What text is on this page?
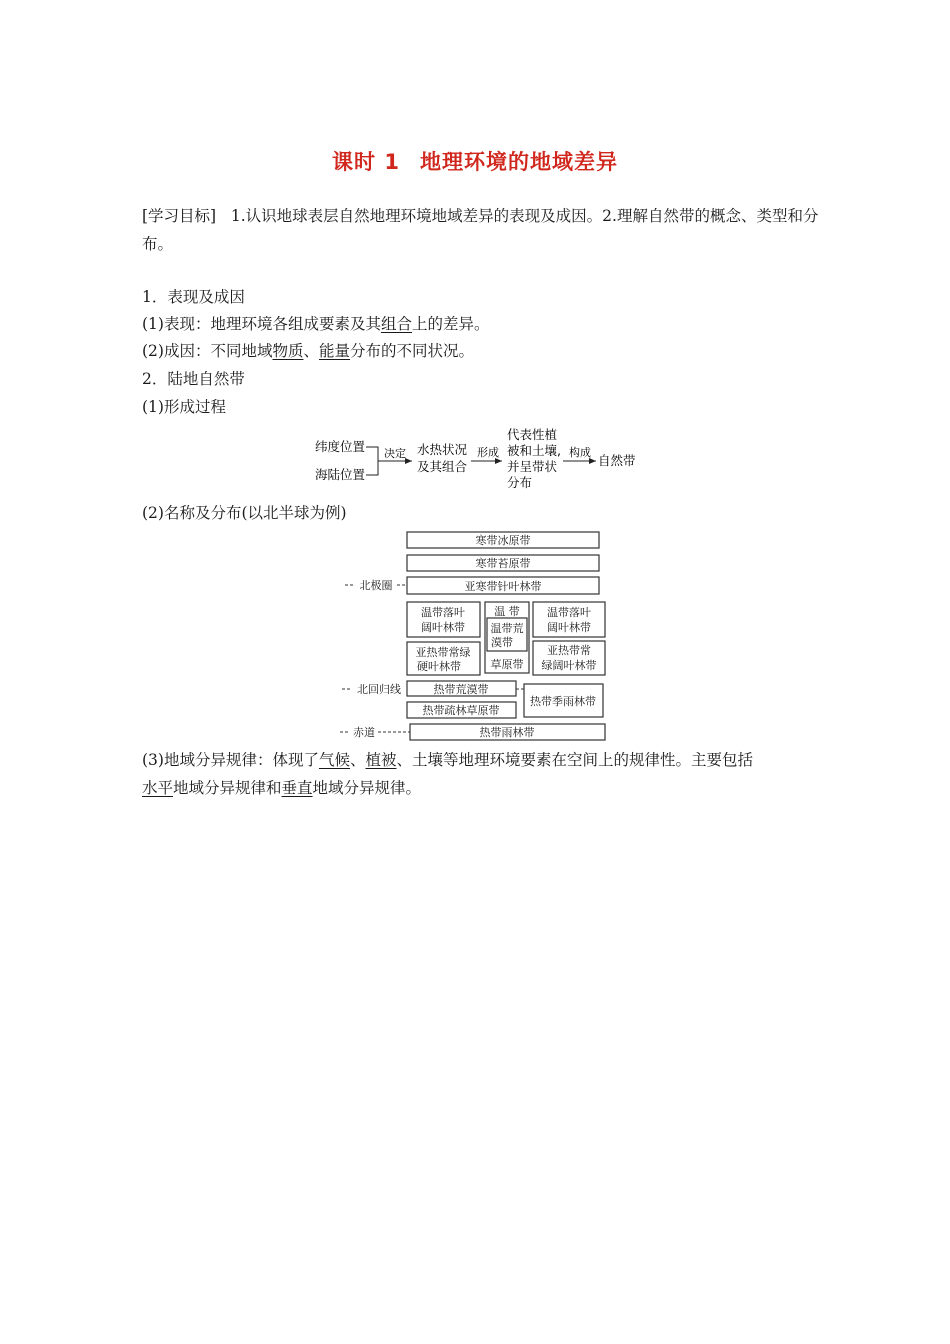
课时 1 地理环境的地域差异
[学习目标] 1.认识地球表层自然地理环境地域差异的表现及成因。2.理解自然带的概念、类型和分布。
1．表现及成因
(1)表现：地理环境各组成要素及其组合上的差异。
(2)成因：不同地域物质、能量分布的不同状况。
2．陆地自然带
(1)形成过程
纬度位置
海陆位置
决定 水热状况
及其组合
形成
代表性植
被和土壤,
并呈带状
分布
构成
自然带
(2)名称及分布(以北半球为例)
北极圈
北回归线
赤道
寒带冰原带
寒带苔原带
亚寒带针叶林带
温带落叶
阔叶林带
温 带
温带荒
漠带
草原带
温带落叶
阔叶林带
亚热带常绿
硬叶林带
亚热带常
绿阔叶林带
热带荒漠带
热带疏林草原带
热带季雨林带
热带雨林带
(3)地域分异规律：体现了气候、植被、土壤等地理环境要素在空间上的规律性。主要包括
水平地域分异规律和垂直地域分异规律。
